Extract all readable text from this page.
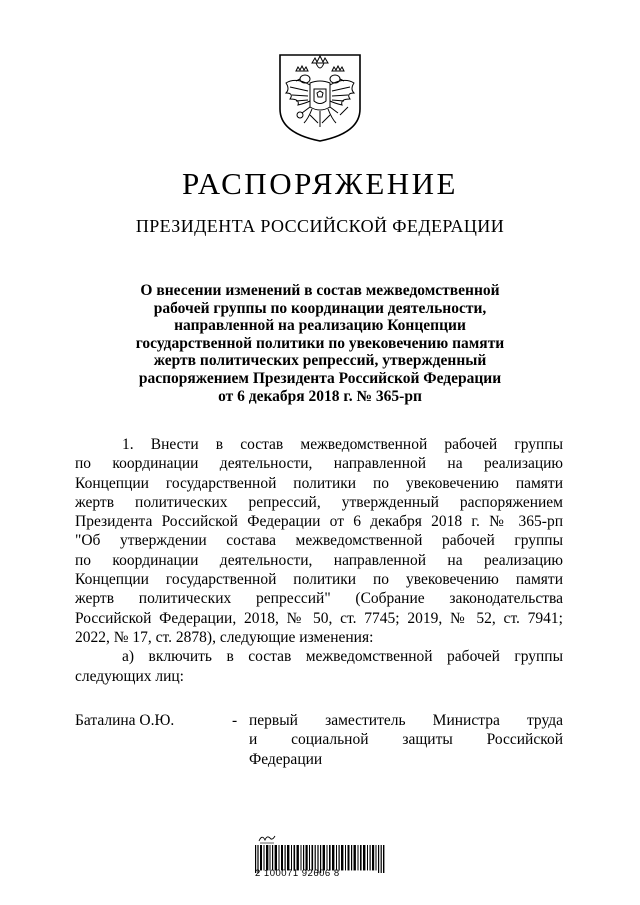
РАСПОРЯЖЕНИЕ
ПРЕЗИДЕНТА РОССИЙСКОЙ ФЕДЕРАЦИИ
О внесении изменений в состав межведомственной
рабочей группы по координации деятельности,
направленной на реализацию Концепции
государственной политики по увековечению памяти
жертв политических репрессий, утвержденный
распоряжением Президента Российской Федерации
от 6 декабря 2018 г. № 365-рп
1. Внести в состав межведомственной рабочей группы
по координации деятельности, направленной на реализацию
Концепции государственной политики по увековечению памяти
жертв политических репрессий, утвержденный распоряжением
Президента Российской Федерации от 6 декабря 2018 г. № 365-рп
"Об утверждении состава межведомственной рабочей группы
по координации деятельности, направленной на реализацию
Концепции государственной политики по увековечению памяти
жертв политических репрессий" (Собрание законодательства
Российской Федерации, 2018, № 50, ст. 7745; 2019, № 52, ст. 7941;
2022, № 17, ст. 2878), следующие изменения:
а) включить в состав межведомственной рабочей группы
следующих лиц:
Баталина О.Ю.	- первый заместитель Министра труда
и социальной защиты Российской
Федерации
2 100071 92606 8
